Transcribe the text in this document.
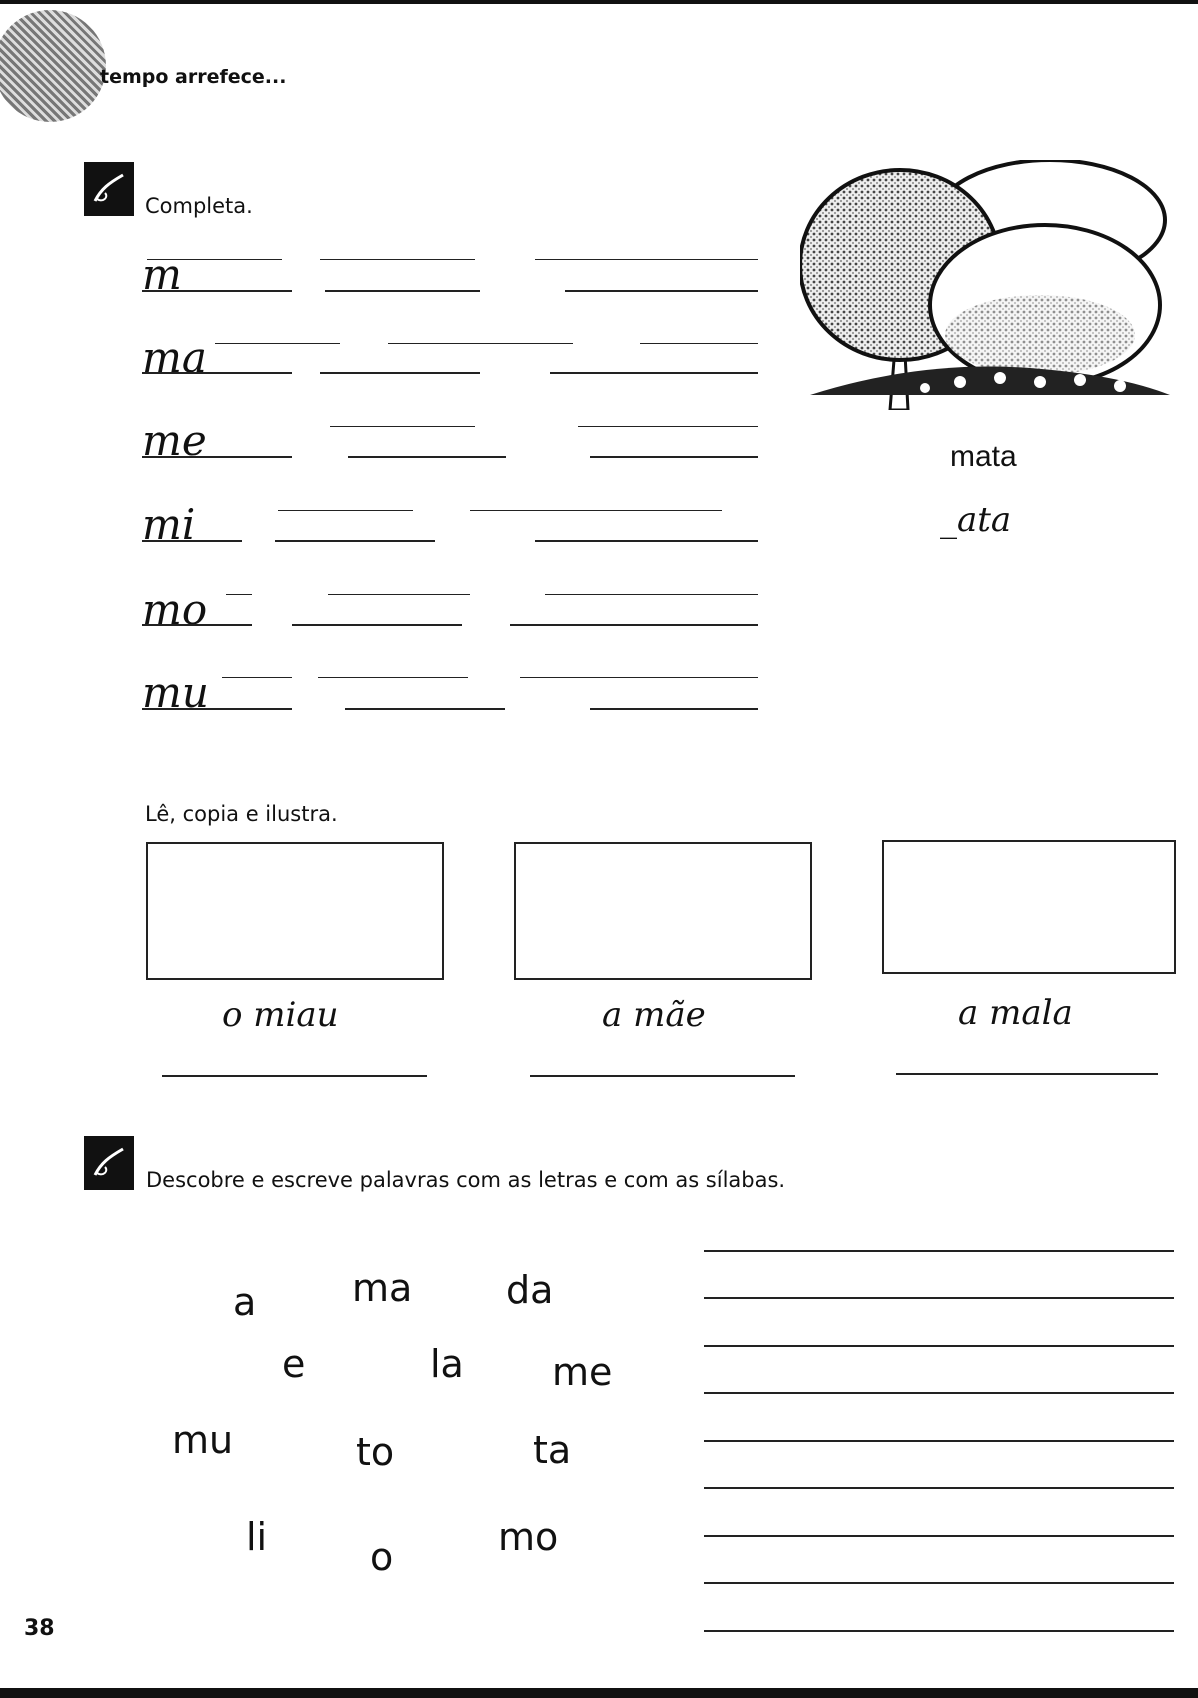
tempo arrefece...
Completa.
m
ma
me
mi
mo
mu
mata
_ata
Lê, copia e ilustra.
o miau	a mãe	a mala
Descobre e escreve palavras com as letras e com as sílabas.
a	ma da
e	la me
mu	to	ta
li	o	mo
38
